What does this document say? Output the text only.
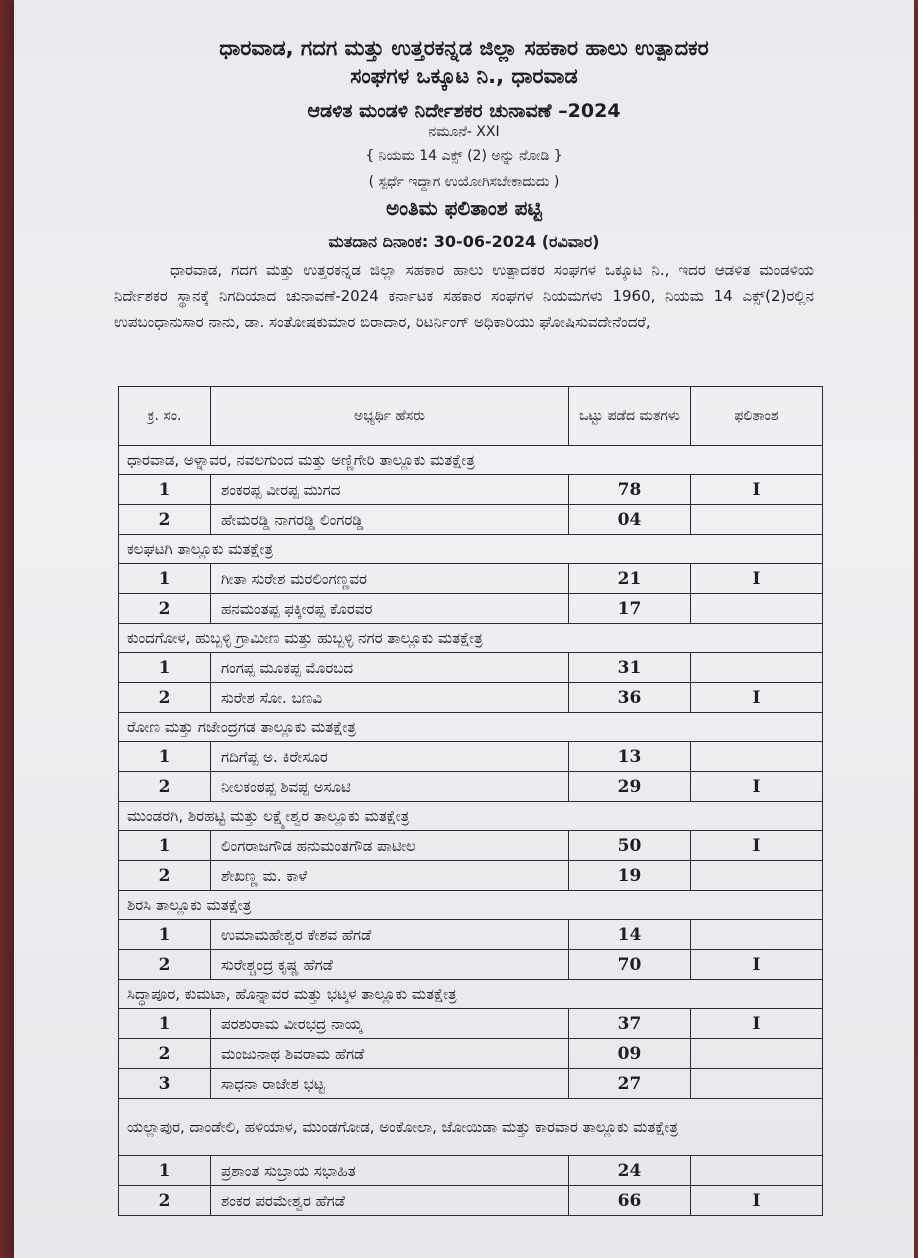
ಧಾರವಾಡ, ಗದಗ ಮತ್ತು ಉತ್ತರಕನ್ನಡ ಜಿಲ್ಲಾ ಸಹಕಾರ ಹಾಲು ಉತ್ಪಾದಕರ
ಸಂಘಗಳ ಒಕ್ಕೂಟ ನಿ., ಧಾರವಾಡ
ಆಡಳಿತ ಮಂಡಳಿ ನಿರ್ದೇಶಕರ ಚುನಾವಣೆ –2024
ನಮೂನೆ- XXI
{ ನಿಯಮ 14 ಎಕ್ಸ್ (2) ಅನ್ನು ನೋಡಿ }
( ಸ್ಪರ್ಧೆ ಇದ್ದಾಗ ಉಯೋಗಿಸಬೇಕಾದುದು )
ಅಂತಿಮ ಫಲಿತಾಂಶ ಪಟ್ಟಿ
ಮತದಾನ ದಿನಾಂಕ: 30-06-2024 (ರವಿವಾರ)
ಧಾರವಾಡ, ಗದಗ ಮತ್ತು ಉತ್ತರಕನ್ನಡ ಜಿಲ್ಲಾ ಸಹಕಾರ ಹಾಲು ಉತ್ಪಾದಕರ ಸಂಘಗಳ ಒಕ್ಕೂಟ ನಿ., ಇದರ ಆಡಳಿತ ಮಂಡಳಿಯ ನಿರ್ದೇಶಕರ ಸ್ಥಾನಕ್ಕೆ ನಿಗದಿಯಾದ ಚುನಾವಣೆ-2024 ಕರ್ನಾಟಕ ಸಹಕಾರ ಸಂಘಗಳ ನಿಯಮಗಳು 1960, ನಿಯಮ 14 ಎಕ್ಸ್(2)ರಲ್ಲಿನ ಉಪಬಂಧಾನುಸಾರ ನಾನು, ಡಾ. ಸಂತೋಷಕುಮಾರ ಬಿರಾದಾರ, ರಿಟರ್ನಿಂಗ್ ಅಧಿಕಾರಿಯು ಘೋಷಿಸುವದೇನೆಂದರೆ,
ಕ್ರ. ಸಂ.	ಅಭ್ಯರ್ಥಿ ಹೆಸರು	ಒಟ್ಟು ಪಡೆದ ಮತಗಳು	ಫಲಿತಾಂಶ
ಧಾರವಾಡ, ಅಳ್ನಾವರ, ನವಲಗುಂದ ಮತ್ತು ಅಣ್ಣಿಗೇರಿ ತಾಲ್ಲೂಕು ಮತಕ್ಷೇತ್ರ			
1	ಶಂಕರಪ್ಪ ವೀರಪ್ಪ ಮುಗದ	78	I
2	ಹೇಮರಡ್ಡಿ ನಾಗರಡ್ಡಿ ಲಿಂಗರಡ್ಡಿ	04	
ಕಲಘಟಗಿ ತಾಲ್ಲೂಕು ಮತಕ್ಷೇತ್ರ			
1	ಗೀತಾ ಸುರೇಶ ಮರಲಿಂಗಣ್ಣವರ	21	I
2	ಹನಮಂತಪ್ಪ ಫಕ್ಕೀರಪ್ಪ ಕೊರವರ	17	
ಕುಂದಗೋಳ, ಹುಬ್ಬಳ್ಳಿ ಗ್ರಾಮೀಣ ಮತ್ತು ಹುಬ್ಬಳ್ಳಿ ನಗರ ತಾಲ್ಲೂಕು ಮತಕ್ಷೇತ್ರ			
1	ಗಂಗಪ್ಪ ಮೂಕಪ್ಪ ಮೊರಬದ	31	
2	ಸುರೇಶ ಸೋ. ಬಣವಿ	36	I
ರೋಣ ಮತ್ತು ಗಜೇಂದ್ರಗಡ ತಾಲ್ಲೂಕು ಮತಕ್ಷೇತ್ರ			
1	ಗದಿಗೆಪ್ಪ ಅ. ಕಿರೇಸೂರ	13	
2	ನೀಲಕಂಠಪ್ಪ ಶಿವಪ್ಪ ಅಸೂಟಿ	29	I
ಮುಂಡರಗಿ, ಶಿರಹಟ್ಟಿ ಮತ್ತು ಲಕ್ಷ್ಮೇಶ್ವರ ತಾಲ್ಲೂಕು ಮತಕ್ಷೇತ್ರ			
1	ಲಿಂಗರಾಜಗೌಡ ಹನುಮಂತಗೌಡ ಪಾಟೀಲ	50	I
2	ಶೇಖಣ್ಣ ಮ. ಕಾಳೆ	19	
ಶಿರಸಿ ತಾಲ್ಲೂಕು ಮತಕ್ಷೇತ್ರ			
1	ಉಮಾಮಹೇಶ್ವರ ಕೇಶವ ಹೆಗಡೆ	14	
2	ಸುರೇಶ್ಚಂದ್ರ ಕೃಷ್ಣ ಹೆಗಡೆ	70	I
ಸಿದ್ಧಾಪೂರ, ಕುಮಟಾ, ಹೊನ್ನಾವರ ಮತ್ತು ಭಟ್ಕಳ ತಾಲ್ಲೂಕು ಮತಕ್ಷೇತ್ರ			
1	ಪರಶುರಾಮ ವೀರಭದ್ರ ನಾಯ್ಕ	37	I
2	ಮಂಜುನಾಥ ಶಿವರಾಮ ಹೆಗಡೆ	09	
3	ಸಾಧನಾ ರಾಜೇಶ ಭಟ್ಟ	27	
ಯಲ್ಲಾಪುರ, ದಾಂಡೇಲಿ, ಹಳಿಯಾಳ, ಮುಂಡಗೋಡ, ಅಂಕೋಲಾ, ಜೋಯಿಡಾ ಮತ್ತು ಕಾರವಾರ ತಾಲ್ಲೂಕು ಮತಕ್ಷೇತ್ರ			
1	ಪ್ರಶಾಂತ ಸುಬ್ರಾಯ ಸಭಾಹಿತ	24	
2	ಶಂಕರ ಪರಮೇಶ್ವರ ಹೆಗಡೆ	66	I
